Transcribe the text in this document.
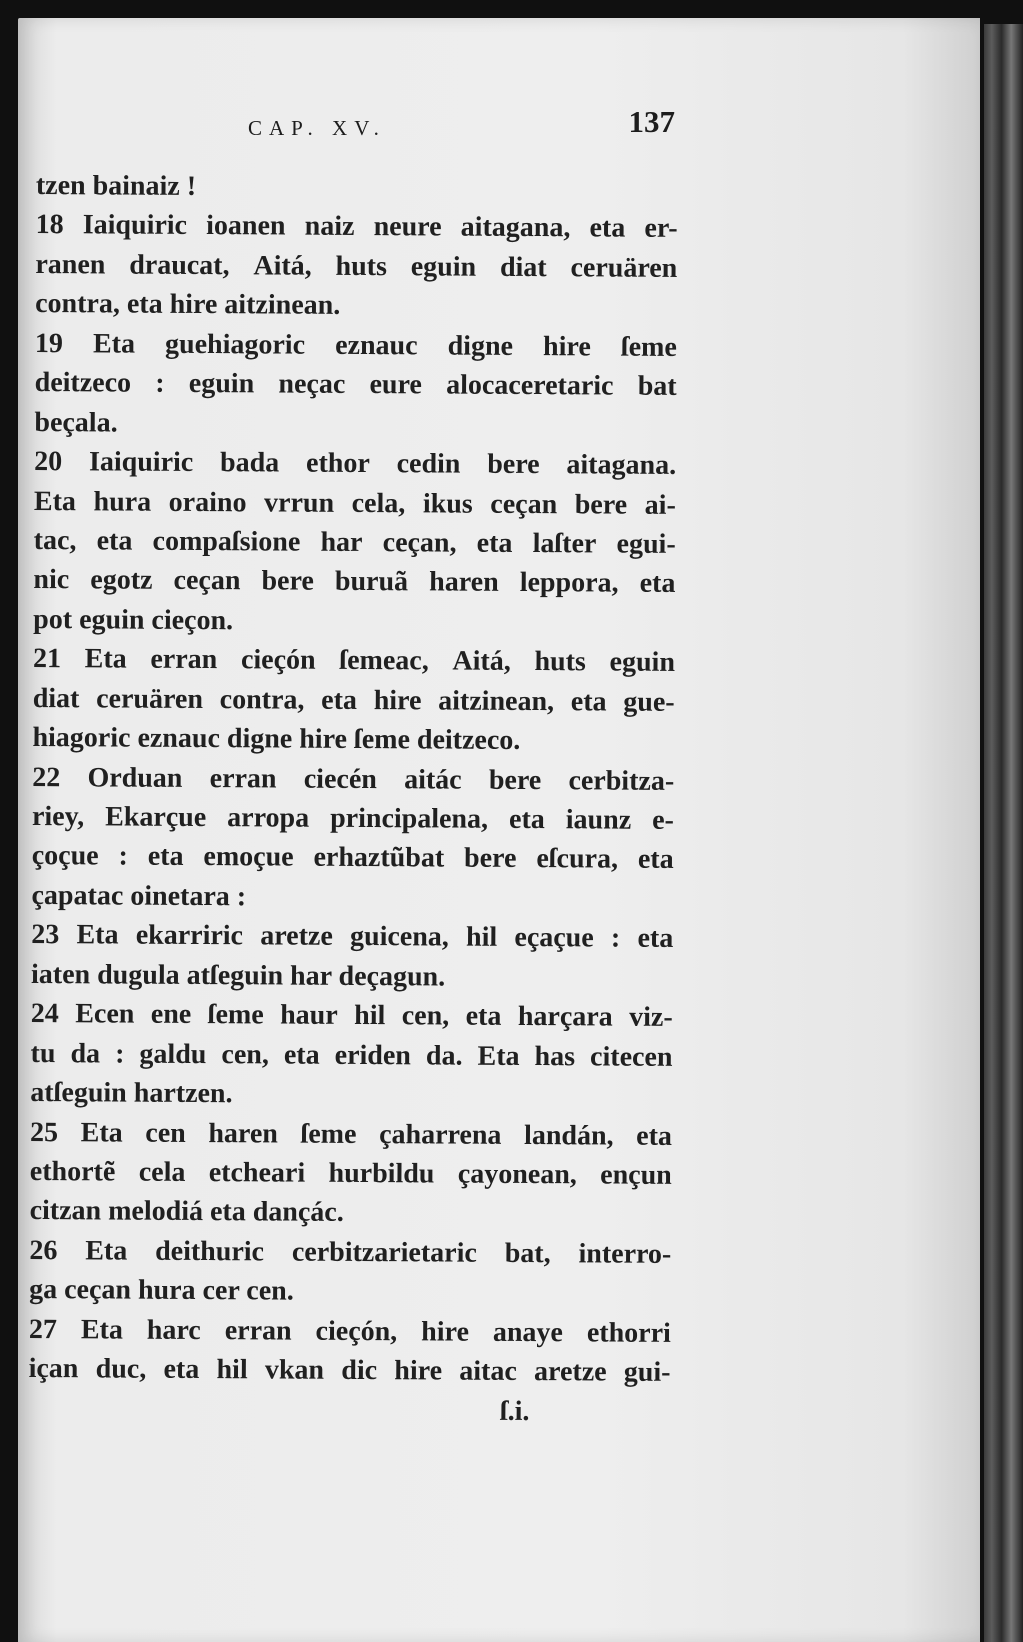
CAP. XV.	137
tzen bainaiz !
18 Iaiquiric ioanen naiz neure aitagana, eta er-
ranen draucat, Aitá, huts eguin diat ceruären
contra, eta hire aitzinean.
19 Eta guehiagoric eznauc digne hire ſeme
deitzeco : eguin neçac eure alocaceretaric bat
beçala.
20 Iaiquiric bada ethor cedin bere aitagana.
Eta hura oraino vrrun cela, ikus ceçan bere ai-
tac, eta compaſsione har ceçan, eta laſter egui-
nic egotz ceçan bere buruã haren leppora, eta
pot eguin cieçon.
21 Eta erran cieçón ſemeac, Aitá, huts eguin
diat ceruären contra, eta hire aitzinean, eta gue-
hiagoric eznauc digne hire ſeme deitzeco.
22 Orduan erran ciecén aitác bere cerbitza-
riey, Ekarçue arropa principalena, eta iaunz e-
çoçue : eta emoçue erhaztũbat bere eſcura, eta
çapatac oinetara :
23 Eta ekarriric aretze guicena, hil eçaçue : eta
iaten dugula atſeguin har deçagun.
24 Ecen ene ſeme haur hil cen, eta harçara viz-
tu da : galdu cen, eta eriden da. Eta has citecen
atſeguin hartzen.
25 Eta cen haren ſeme çaharrena landán, eta
ethortẽ cela etcheari hurbildu çayonean, ençun
citzan melodiá eta dançác.
26 Eta deithuric cerbitzarietaric bat, interro-
ga ceçan hura cer cen.
27 Eta harc erran cieçón, hire anaye ethorri
içan duc, eta hil vkan dic hire aitac aretze gui-
ſ.i.
